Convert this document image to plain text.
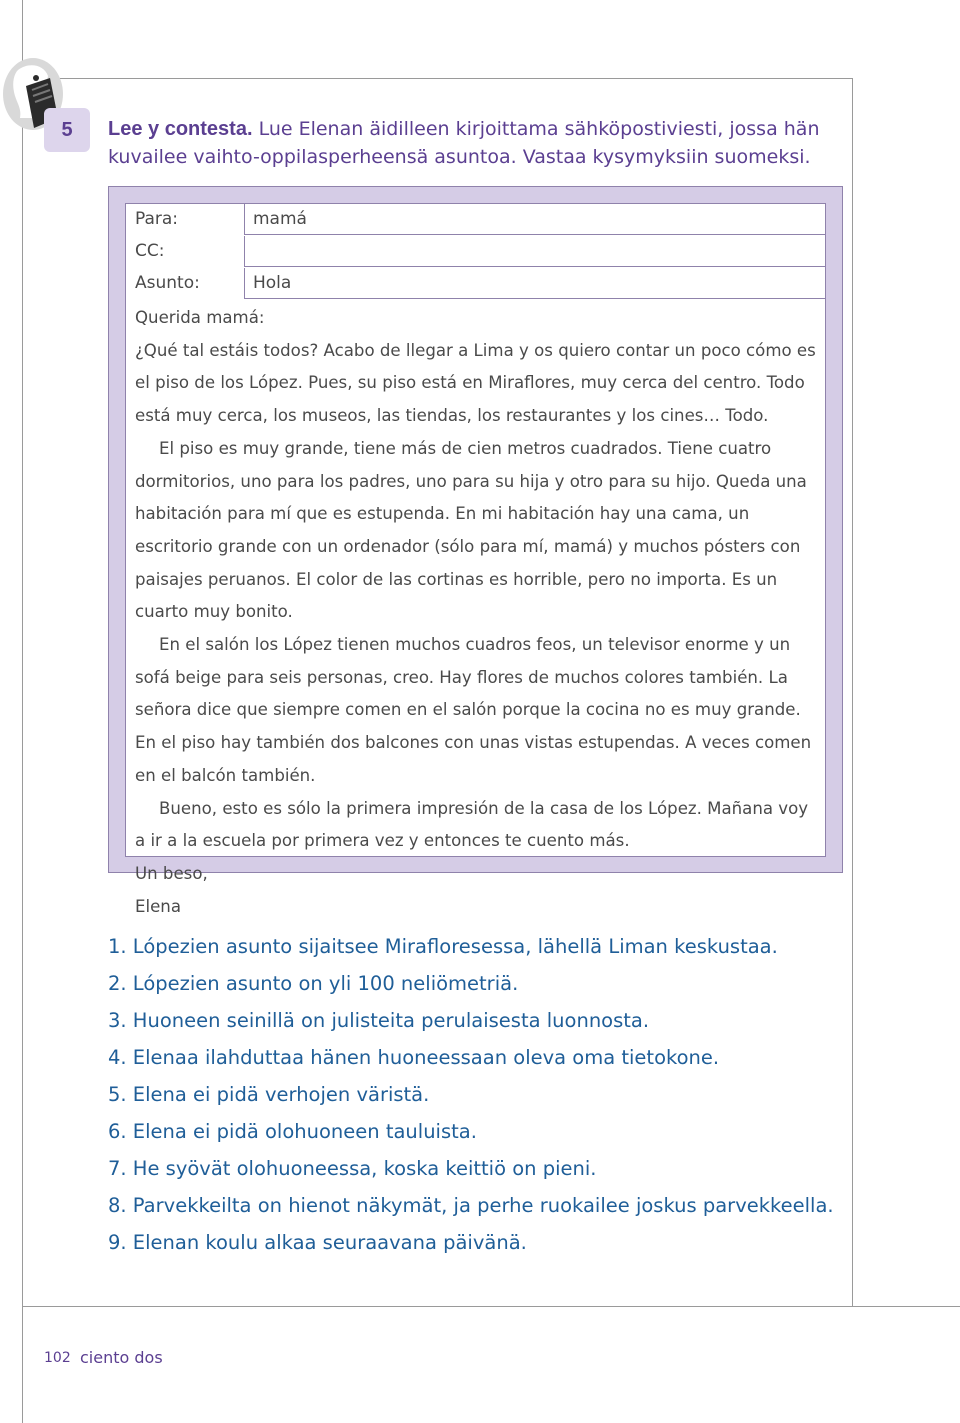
5	Lee y contesta. Lue Elenan äidilleen kirjoittama sähköpostiviesti, jossa hän kuvailee vaihto-oppilasperheensä asuntoa. Vastaa kysymyksiin suomeksi.
Para:	mamá
CC:
Asunto:	Hola

Querida mamá:

¿Qué tal estáis todos? Acabo de llegar a Lima y os quiero contar un poco cómo es el piso de los López. Pues, su piso está en Miraflores, muy cerca del centro. Todo está muy cerca, los museos, las tiendas, los restaurantes y los cines… Todo.

El piso es muy grande, tiene más de cien metros cuadrados. Tiene cuatro dormitorios, uno para los padres, uno para su hija y otro para su hijo. Queda una habitación para mí que es estupenda. En mi habitación hay una cama, un escritorio grande con un ordenador (sólo para mí, mamá) y muchos pósters con paisajes peruanos. El color de las cortinas es horrible, pero no importa. Es un cuarto muy bonito.

En el salón los López tienen muchos cuadros feos, un televisor enorme y un sofá beige para seis personas, creo. Hay flores de muchos colores también. La señora dice que siempre comen en el salón porque la cocina no es muy grande. En el piso hay también dos balcones con unas vistas estupendas. A veces comen en el balcón también.

Bueno, esto es sólo la primera impresión de la casa de los López. Mañana voy a ir a la escuela por primera vez y entonces te cuento más.

Un beso,

Elena

1. Lópezien asunto sijaitsee Mirafloresessa, lähellä Liman keskustaa.
2. Lópezien asunto on yli 100 neliömetriä.
3. Huoneen seinillä on julisteita perulaisesta luonnosta.
4. Elenaa ilahduttaa hänen huoneessaan oleva oma tietokone.
5. Elena ei pidä verhojen väristä.
6. Elena ei pidä olohuoneen tauluista.
7. He syövät olohuoneessa, koska keittiö on pieni.
8. Parvekkeilta on hienot näkymät, ja perhe ruokailee joskus parvekkeella.
9. Elenan koulu alkaa seuraavana päivänä.
102 ciento dos
